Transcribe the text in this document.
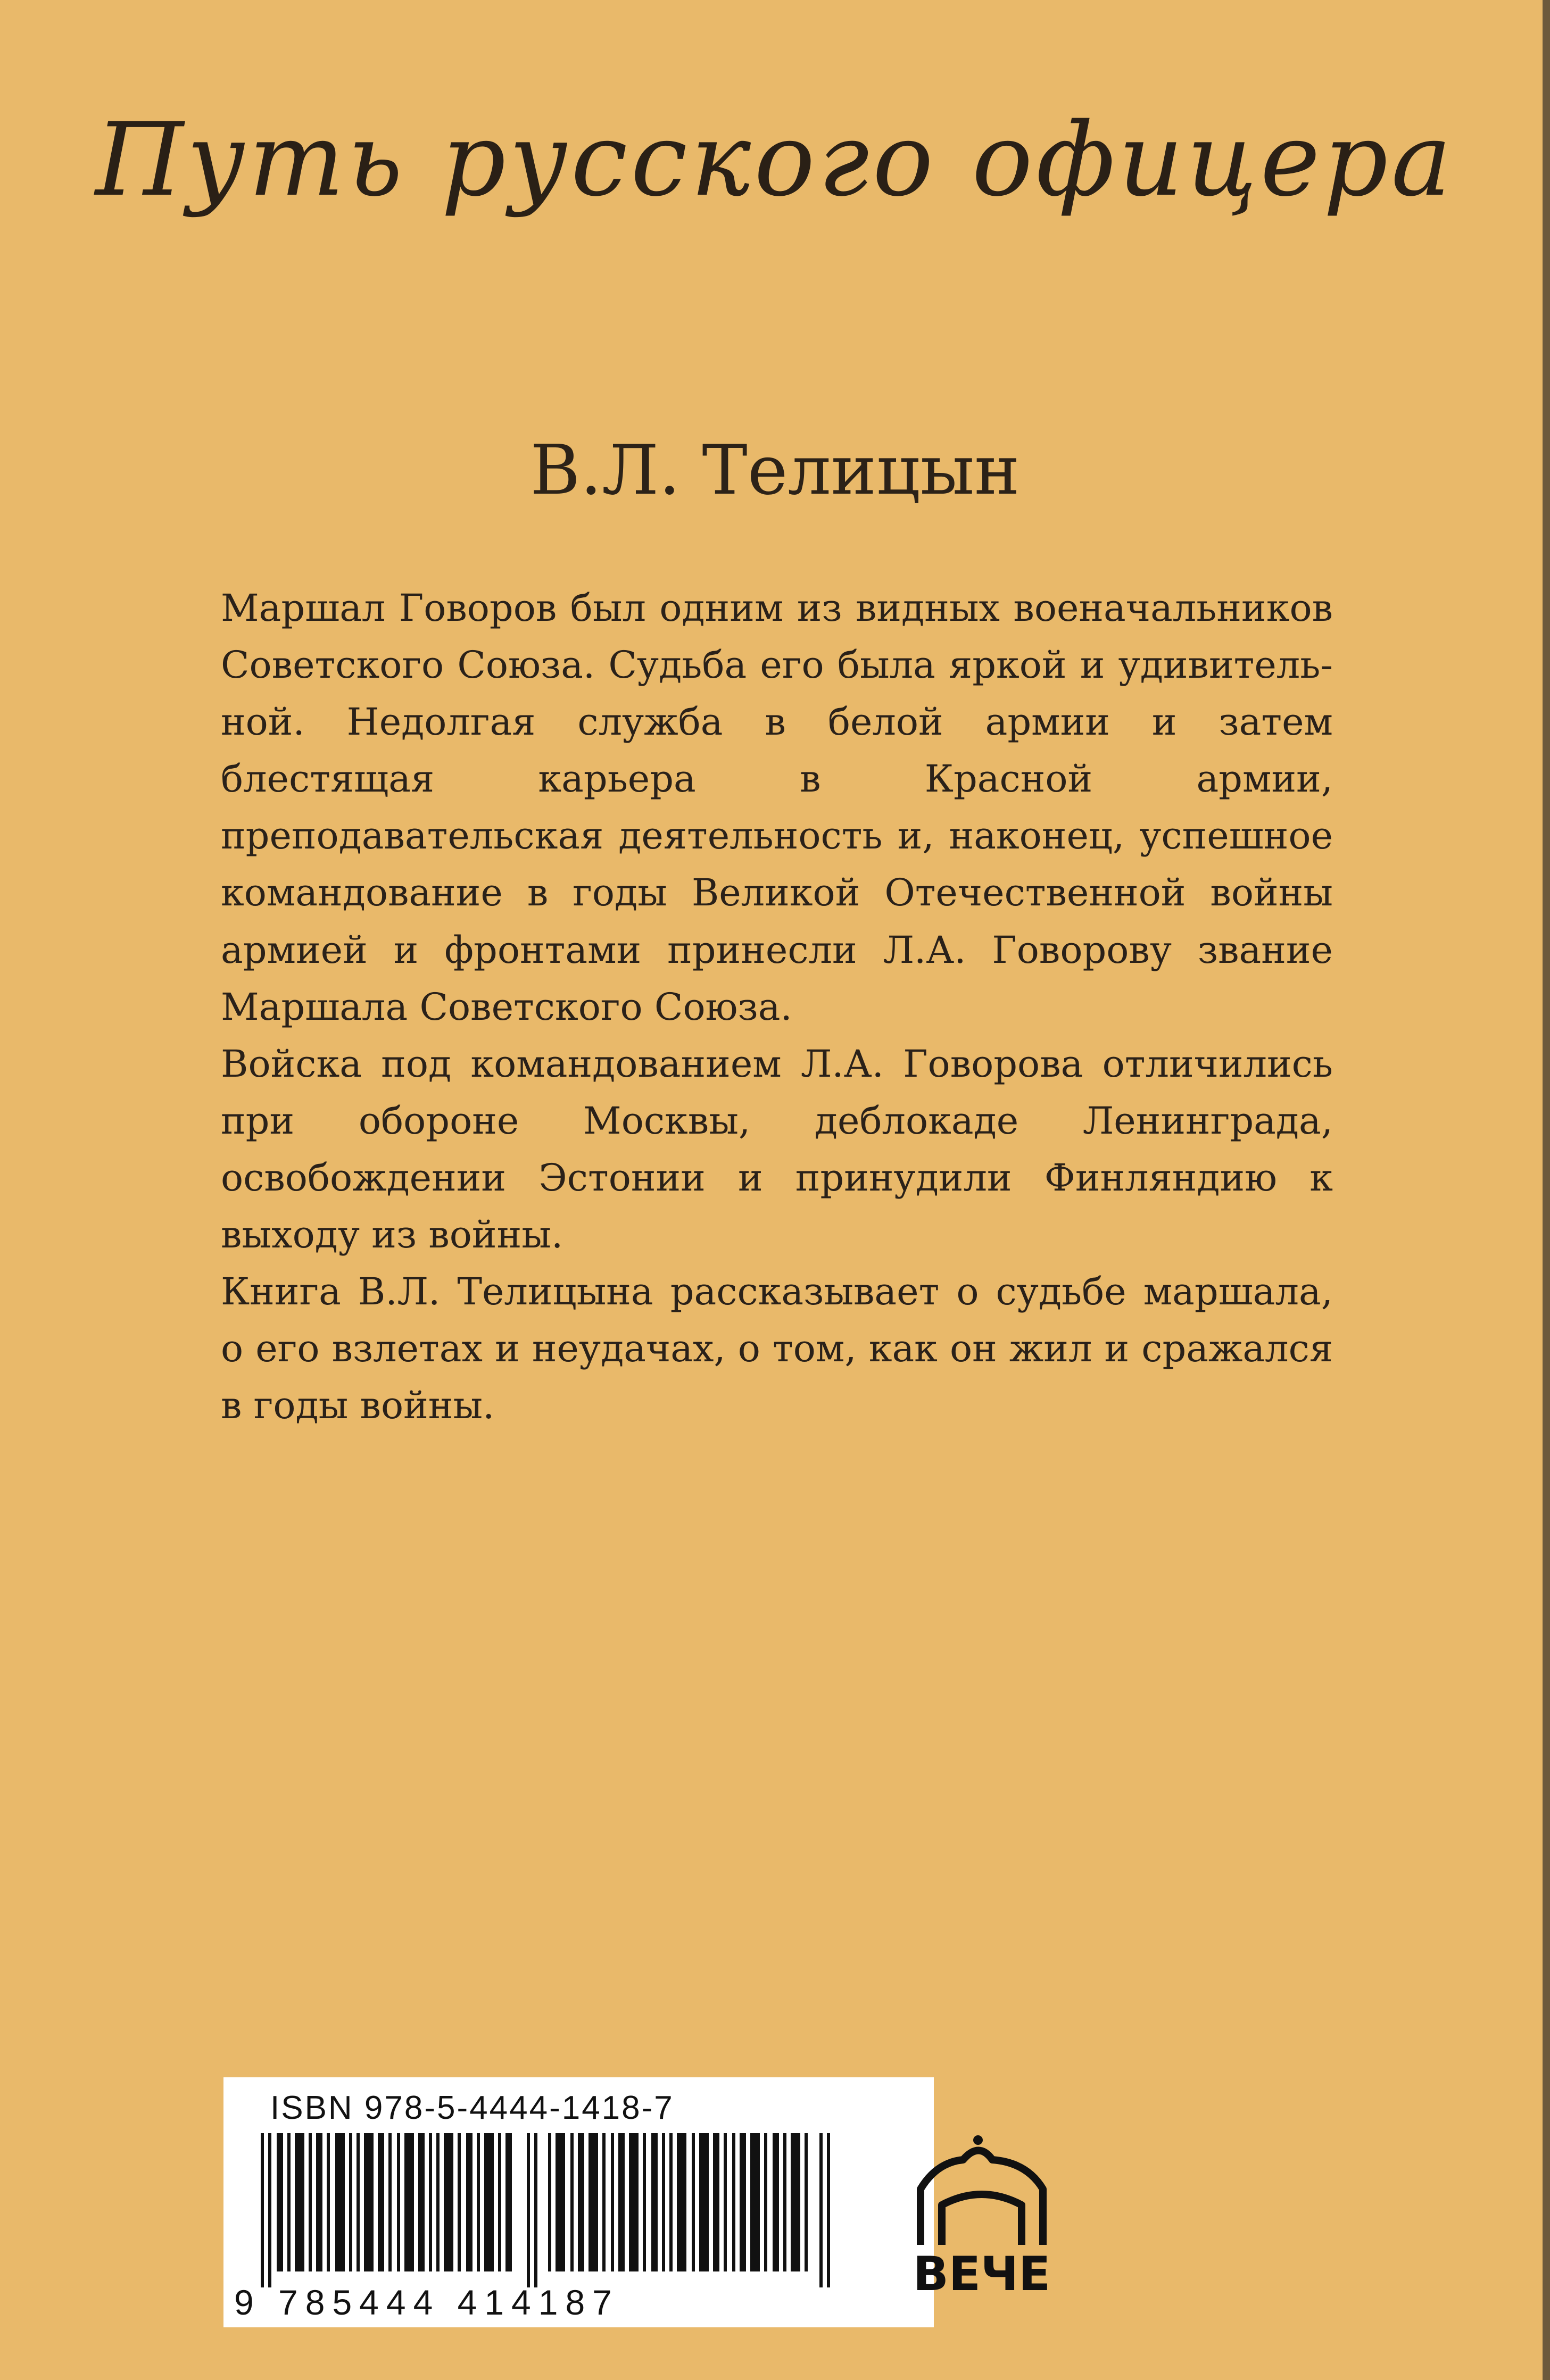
Путь русского офицера
В.Л. Телицын

Маршал Говоров был одним из видных военачальников Советского Союза. Судьба его была яркой и удивительной. Недолгая служба в белой армии и затем блестящая карьера в Красной армии, преподавательская деятельность и, наконец, успешное командование в годы Великой Отечественной войны армией и фронтами принесли Л.А. Говорову звание Маршала Советского Союза.

Войска под командованием Л.А. Говорова отличились при обороне Москвы, деблокаде Ленинграда, освобождении Эстонии и принудили Финляндию к выходу из войны.

Книга В.Л. Телицына рассказывает о судьбе маршала, о его взлетах и неудачах, о том, как он жил и сражался в годы войны.

ISBN 978-5-4444-1418-7
9 785444 414187
ВЕЧЕ
